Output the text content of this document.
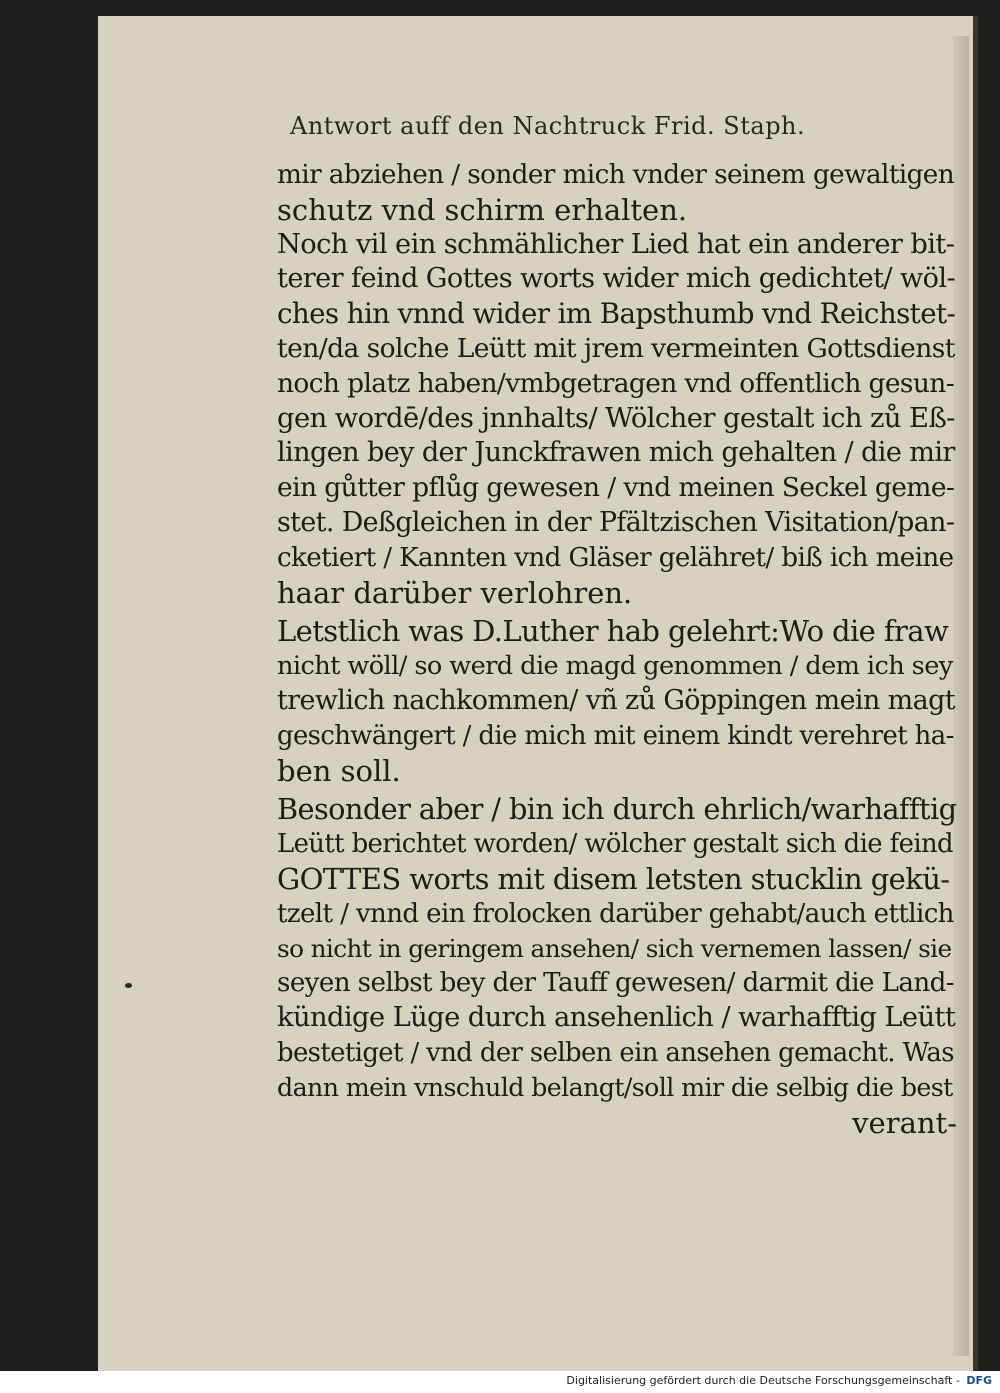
Antwort auff den Nachtruck Frid. Staph.
mir abziehen / sonder mich vnder seinem gewaltigen
schutz vnd schirm erhalten.
Noch vil ein schmählicher Lied hat ein anderer bit-
terer feind Gottes worts wider mich gedichtet/ wöl-
ches hin vnnd wider im Bapsthumb vnd Reichstet-
ten/da solche Leütt mit jrem vermeinten Gottsdienst
noch platz haben/vmbgetragen vnd offentlich gesun-
gen wordē/des jnnhalts/ Wölcher gestalt ich zů Eß-
lingen bey der Junckfrawen mich gehalten / die mir
ein gůtter pflůg gewesen / vnd meinen Seckel geme-
stet. Deßgleichen in der Pfältzischen Visitation/pan-
cketiert / Kannten vnd Gläser gelähret/ biß ich meine
haar darüber verlohren.
Letstlich was D.Luther hab gelehrt:Wo die fraw
nicht wöll/ so werd die magd genommen / dem ich sey
trewlich nachkommen/ vñ zů Göppingen mein magt
geschwängert / die mich mit einem kindt verehret ha-
ben soll.
Besonder aber / bin ich durch ehrlich/warhafftig
Leütt berichtet worden/ wölcher gestalt sich die feind
GOTTES worts mit disem letsten stucklin gekü-
tzelt / vnnd ein frolocken darüber gehabt/auch ettlich
so nicht in geringem ansehen/ sich vernemen lassen/ sie
seyen selbst bey der Tauff gewesen/ darmit die Land-
kündige Lüge durch ansehenlich / warhafftig Leütt
bestetiget / vnd der selben ein ansehen gemacht. Was
dann mein vnschuld belangt/soll mir die selbig die best
verant-
Digitalisierung gefördert durch die Deutsche Forschungsgemeinschaft - DFG
